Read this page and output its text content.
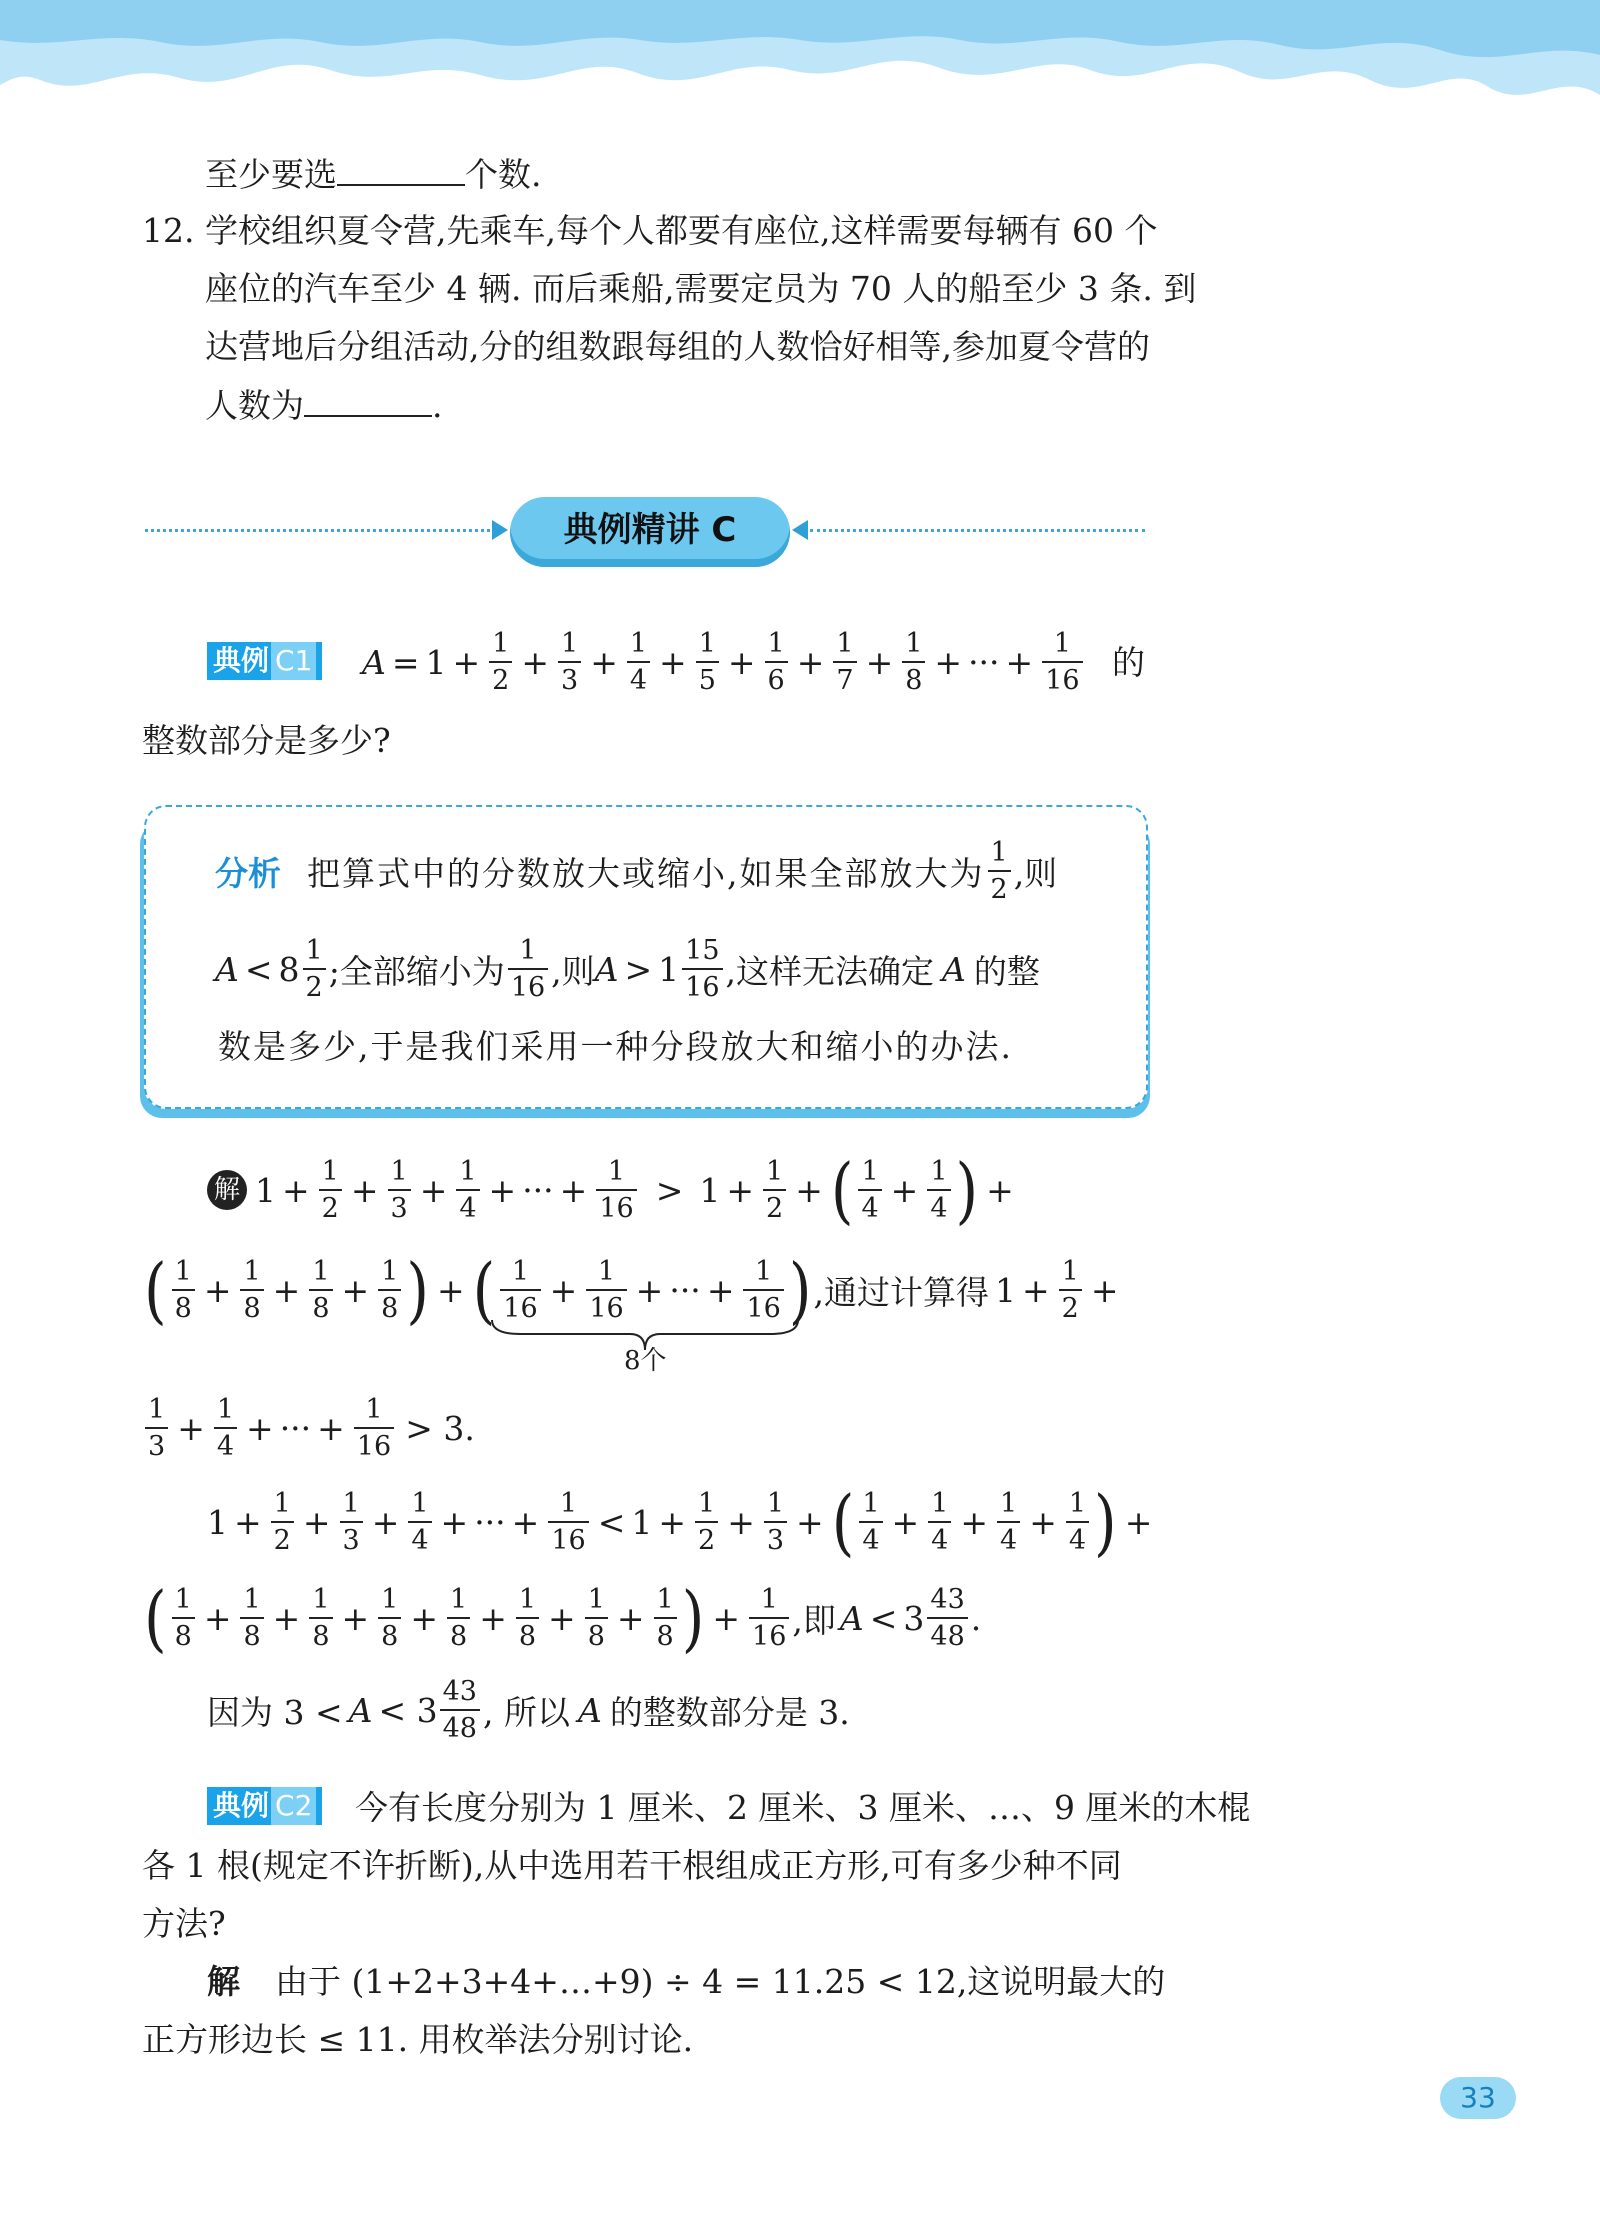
至少要选	个数.
12. 学校组织夏令营,先乘车,每个人都要有座位,这样需要每辆有 60 个
座位的汽车至少 4 辆. 而后乘船,需要定员为 70 人的船至少 3 条. 到
达营地后分组活动,分的组数跟每组的人数恰好相等,参加夏令营的
人数为	.
典例精讲 C
典例 C1	$A = 1 + \frac{1}{2} + \frac{1}{3} + \frac{1}{4} + \frac{1}{5} + \frac{1}{6} + \frac{1}{7} + \frac{1}{8}$ + ··· + $\frac{1}{16}$ 的
整数部分是多少?
分析 把算式中的分数放大或缩小,如果全部放大为 $\frac{1}{2}$ ,则
$A < 8 \frac{1}{2}$ ;全部缩小为 $\frac{1}{16}$ ,则 $A > 1 \frac{15}{16}$ ,这样无法确定 A 的整
数是多少,于是我们采用一种分段放大和缩小的办法.
解 $1 + \frac{1}{2} + \frac{1}{3} + \frac{1}{4}$ + ··· + $\frac{1}{16} > 1 + \frac{1}{2}$ + ( $\frac{1}{4} + \frac{1}{4}$ ) +
( $\frac{1}{8} + \frac{1}{8} + \frac{1}{8} + \frac{1}{8}$ ) + ( $\frac{1}{16} + \frac{1}{16}$ + ··· + $\frac{1}{16}$ ) ,通过计算得 $1 + \frac{1}{2}$ +
8个
$\frac{1}{3} + \frac{1}{4}$ + ··· + $\frac{1}{16} > 3$.
$1 + \frac{1}{2} + \frac{1}{3} + \frac{1}{4}$ + ··· + $\frac{1}{16} < 1 + \frac{1}{2} + \frac{1}{3}$ + ( $\frac{1}{4} + \frac{1}{4} + \frac{1}{4} + \frac{1}{4}$ ) +
( $\frac{1}{8} + \frac{1}{8} + \frac{1}{8} + \frac{1}{8} + \frac{1}{8} + \frac{1}{8} + \frac{1}{8} + \frac{1}{8}$ ) + $\frac{1}{16}$ ,即 $A < 3 \frac{43}{48}$ .
因为 $3 < A < 3 \frac{43}{48}$ , 所以 A 的整数部分是 3.
典例 C2	今有长度分别为 1 厘米、2 厘米、3 厘米、…、9 厘米的木棍
各 1 根(规定不许折断),从中选用若干根组成正方形,可有多少种不同
方法?
解 由于 (1+2+3+4+…+9) ÷ 4 = 11.25 < 12,这说明最大的
正方形边长 ≤ 11. 用枚举法分别讨论.
33
